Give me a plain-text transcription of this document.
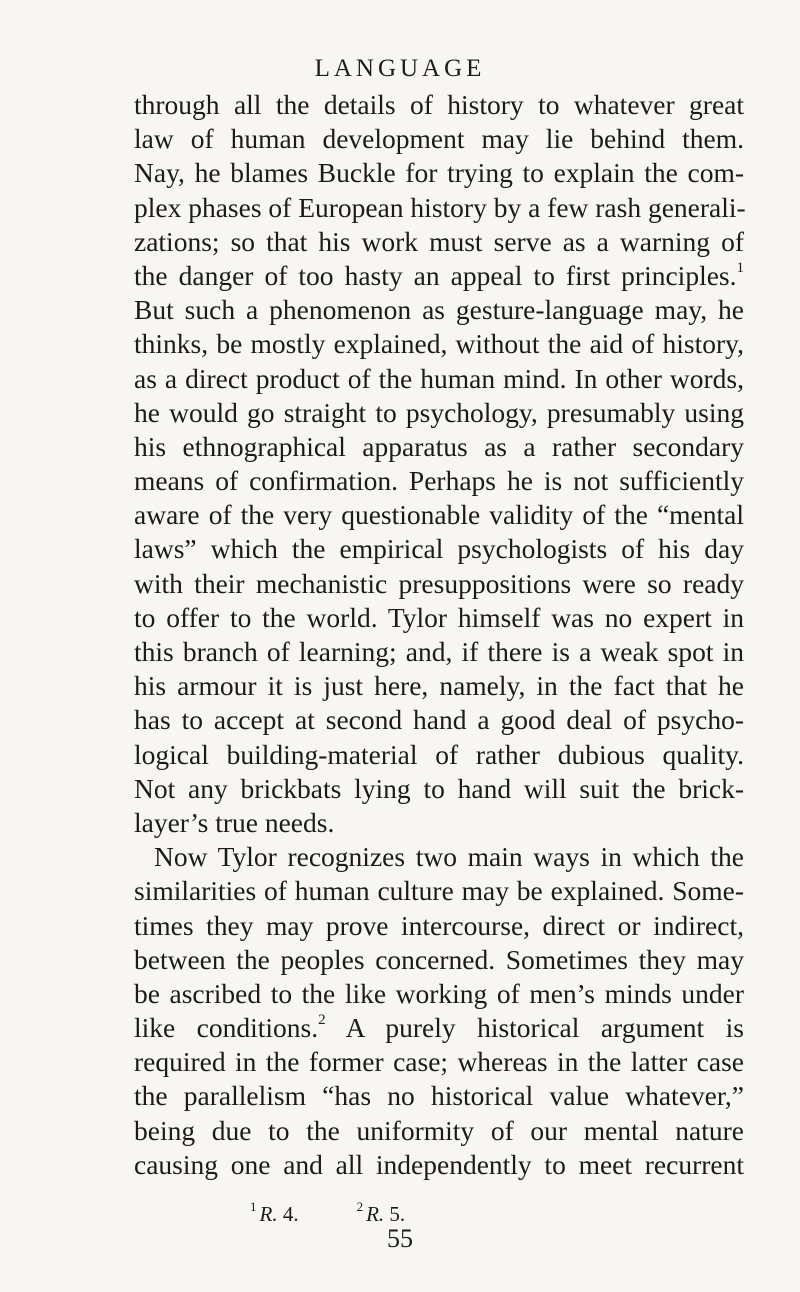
LANGUAGE
through all the details of history to whatever great
law of human development may lie behind them.
Nay, he blames Buckle for trying to explain the com-
plex phases of European history by a few rash generali-
zations; so that his work must serve as a warning of
the danger of too hasty an appeal to first principles.$^1$
But such a phenomenon as gesture-language may, he
thinks, be mostly explained, without the aid of history,
as a direct product of the human mind. In other words,
he would go straight to psychology, presumably using
his ethnographical apparatus as a rather secondary
means of confirmation. Perhaps he is not sufficiently
aware of the very questionable validity of the “mental
laws” which the empirical psychologists of his day
with their mechanistic presuppositions were so ready
to offer to the world. Tylor himself was no expert in
this branch of learning; and, if there is a weak spot in
his armour it is just here, namely, in the fact that he
has to accept at second hand a good deal of psycho-
logical building-material of rather dubious quality.
Not any brickbats lying to hand will suit the brick-
layer’s true needs.
Now Tylor recognizes two main ways in which the
similarities of human culture may be explained. Some-
times they may prove intercourse, direct or indirect,
between the peoples concerned. Sometimes they may
be ascribed to the like working of men’s minds under
like conditions.$^2$ A purely historical argument is
required in the former case; whereas in the latter case
the parallelism “has no historical value whatever,”
being due to the uniformity of our mental nature
causing one and all independently to meet recurrent
$^1$ R. 4.	$^2$ R. 5.
55
